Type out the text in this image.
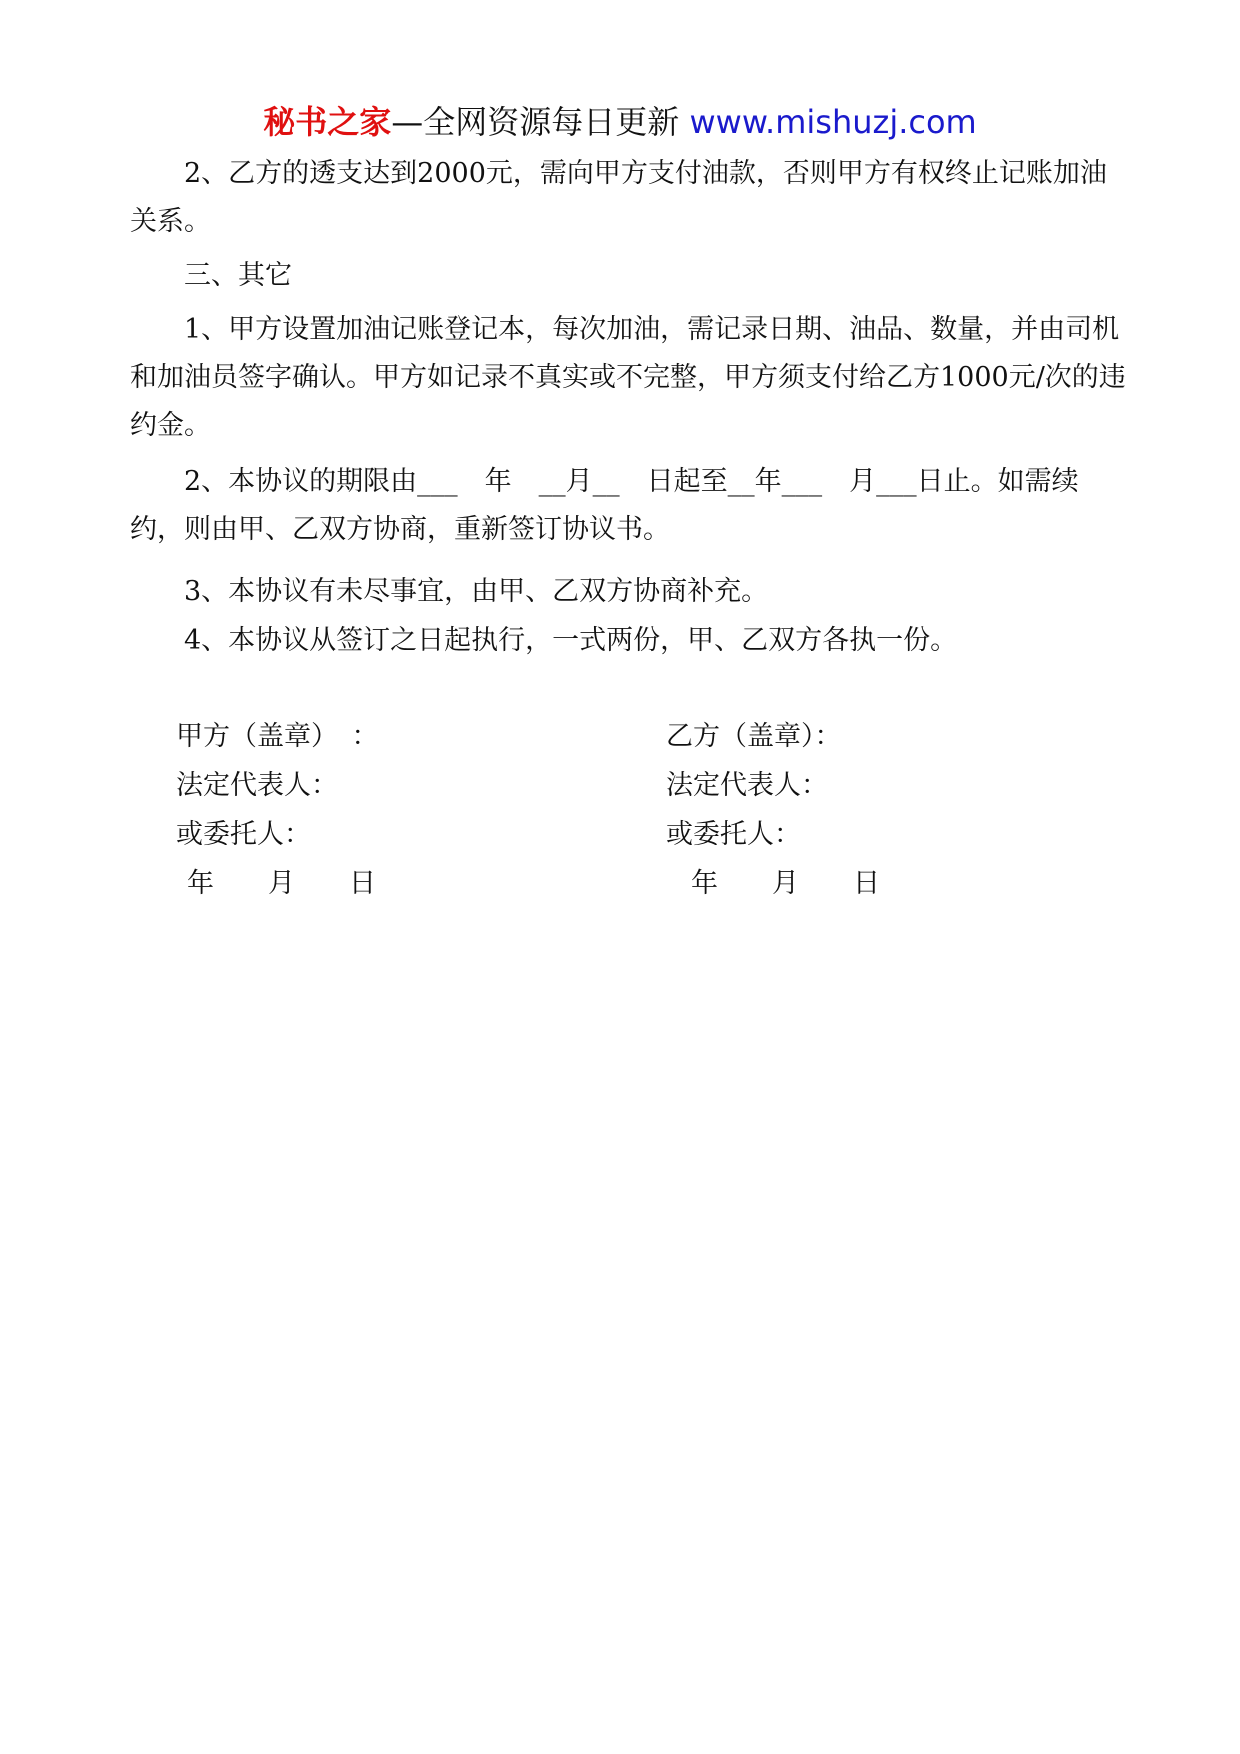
秘书之家—全网资源每日更新 www.mishuzj.com

　　2、乙方的透支达到2000元，需向甲方支付油款，否则甲方有权终止记账加油关系。

　　三、其它

　　1、甲方设置加油记账登记本，每次加油，需记录日期、油品、数量，并由司机和加油员签字确认。甲方如记录不真实或不完整，甲方须支付给乙方1000元/次的违约金。

　　2、本协议的期限由___　年　__月__　日起至__年___　月___日止。如需续约，则由甲、乙双方协商，重新签订协议书。

　　3、本协议有未尽事宜，由甲、乙双方协商补充。

　　4、本协议从签订之日起执行，一式两份，甲、乙双方各执一份。

甲方（盖章）　：
法定代表人：
或委托人：
　年　　月　　日
乙方（盖章）：
法定代表人：
或委托人：
　年　　月　　日
